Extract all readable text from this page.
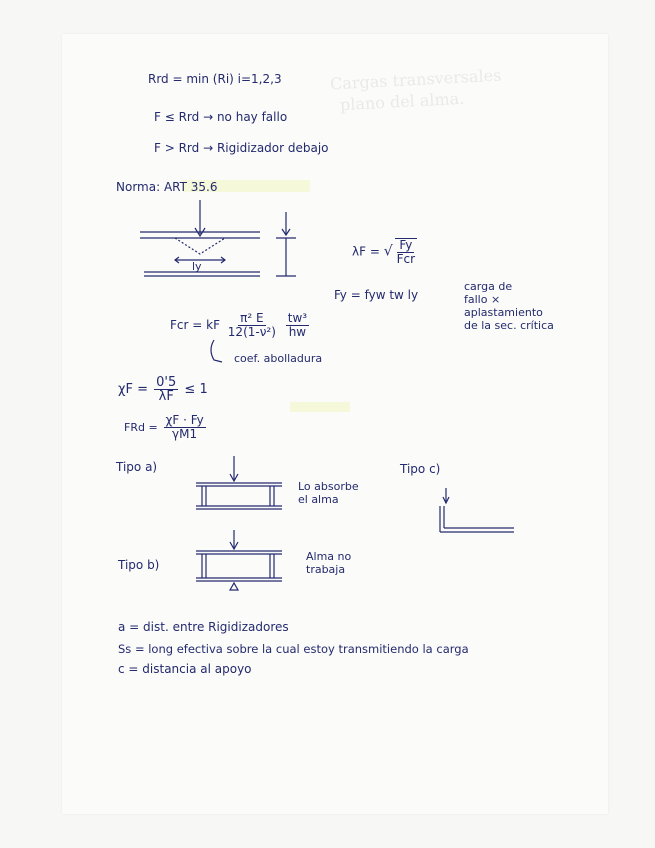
Cargas transversales
plano del alma.
Rrd = min (Ri) i=1,2,3
F ≤ Rrd → no hay fallo
F > Rrd → Rigidizador debajo
Norma: ART 35.6
ly
λF = √ $\frac{Fy}{\text{Fcr}}$
Fy = fyw tw ly
carga de
fallo ×
aplastamiento
de la sec. crítica
Fcr = kF $\frac{\text{π² E}}{\text{12(1-ν²)}}$
$\frac{\text{tw³}}{hw}$
coef. abolladura
$\chi F = \frac{0'5}{\lambda F} \le 1$
FRd = $\frac{\chi F \cdot Fy}{\gamma M1}$
Tipo a)
Lo absorbe
el alma
Tipo c)
Tipo b)
Alma no
trabaja
a = dist. entre Rigidizadores
Ss = long efectiva sobre la cual estoy transmitiendo la carga
c = distancia al apoyo
